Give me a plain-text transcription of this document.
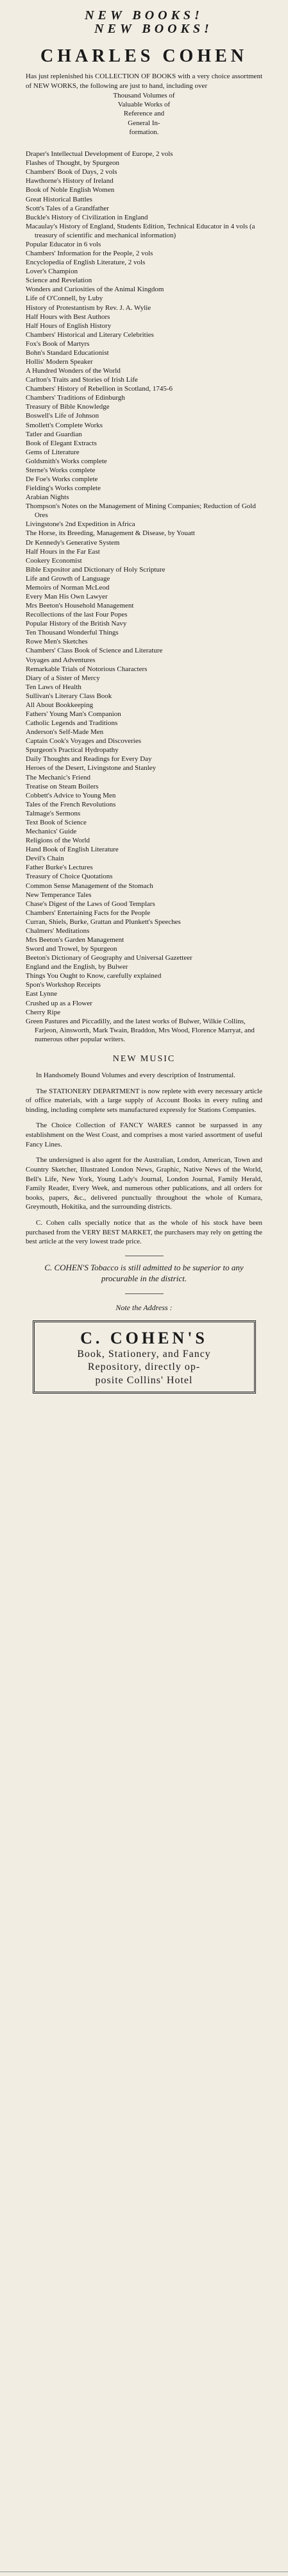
NEW BOOKS!
NEW BOOKS!
CHARLES COHEN

Has just replenished his COLLECTION OF BOOKS with a very choice assortment of NEW WORKS, the following are just to hand, including over

Thousand Volumes of

Valuable Works of

Reference and

General In-

formation.

Draper's Intellectual Development of Europe, 2 vols

Flashes of Thought, by Spurgeon

Chambers' Book of Days, 2 vols

Hawthorne's History of Ireland

Book of Noble English Women

Great Historical Battles

Scott's Tales of a Grandfather

Buckle's History of Civilization in England

Macaulay's History of England, Students Edition, Technical Educator in 4 vols (a treasury of scientific and mechanical information)

Popular Educator in 6 vols

Chambers' Information for the People, 2 vols

Encyclopedia of English Literature, 2 vols

Lover's Champion

Science and Revelation

Wonders and Curiosities of the Animal Kingdom

Life of O'Connell, by Luby

History of Protestantism by Rev. J. A. Wylie

Half Hours with Best Authors

Half Hours of English History

Chambers' Historical and Literary Celebrities

Fox's Book of Martyrs

Bohn's Standard Educationist

Hollis' Modern Speaker

A Hundred Wonders of the World

Carlton's Traits and Stories of Irish Life

Chambers' History of Rebellion in Scotland, 1745-6

Chambers' Traditions of Edinburgh

Treasury of Bible Knowledge

Boswell's Life of Johnson

Smollett's Complete Works

Tatler and Guardian

Book of Elegant Extracts

Gems of Literature

Goldsmith's Works complete

Sterne's Works complete

De Foe's Works complete

Fielding's Works complete

Arabian Nights

Thompson's Notes on the Management of Mining Companies; Reduction of Gold Ores

Livingstone's 2nd Expedition in Africa

The Horse, its Breeding, Management & Disease, by Youatt

Dr Kennedy's Generative System

Half Hours in the Far East

Cookery Economist

Bible Expositor and Dictionary of Holy Scripture

Life and Growth of Language

Memoirs of Norman McLeod

Every Man His Own Lawyer

Mrs Beeton's Household Management

Recollections of the last Four Popes

Popular History of the British Navy

Ten Thousand Wonderful Things

Rowe Men's Sketches

Chambers' Class Book of Science and Literature

Voyages and Adventures

Remarkable Trials of Notorious Characters

Diary of a Sister of Mercy

Ten Laws of Health

Sullivan's Literary Class Book

All About Bookkeeping

Fathers' Young Man's Companion

Catholic Legends and Traditions

Anderson's Self-Made Men

Captain Cook's Voyages and Discoveries

Spurgeon's Practical Hydropathy

Daily Thoughts and Readings for Every Day

Heroes of the Desert, Livingstone and Stanley

The Mechanic's Friend

Treatise on Steam Boilers

Cobbett's Advice to Young Men

Tales of the French Revolutions

Talmage's Sermons

Text Book of Science

Mechanics' Guide

Religions of the World

Hand Book of English Literature

Devil's Chain

Father Burke's Lectures

Treasury of Choice Quotations

Common Sense Management of the Stomach

New Temperance Tales

Chase's Digest of the Laws of Good Templars

Chambers' Entertaining Facts for the People

Curran, Shiels, Burke, Grattan and Plunkett's Speeches

Chalmers' Meditations

Mrs Beeton's Garden Management

Sword and Trowel, by Spurgeon

Beeton's Dictionary of Geography and Universal Gazetteer

England and the English, by Bulwer

Things You Ought to Know, carefully explained

Spon's Workshop Receipts

East Lynne

Crushed up as a Flower

Cherry Ripe

Green Pastures and Piccadilly, and the latest works of Bulwer, Wilkie Collins, Farjeon, Ainsworth, Mark Twain, Braddon, Mrs Wood, Florence Marryat, and numerous other popular writers.

NEW MUSIC

In Handsomely Bound Volumes and every description of Instrumental.

The STATIONERY DEPARTMENT is now replete with every necessary article of office materials, with a large supply of Account Books in every ruling and binding, including complete sets manufactured expressly for Stations Companies.

The Choice Collection of FANCY WARES cannot be surpassed in any establishment on the West Coast, and comprises a most varied assortment of useful Fancy Lines.

The undersigned is also agent for the Australian, London, American, Town and Country Sketcher, Illustrated London News, Graphic, Native News of the World, Bell's Life, New York, Young Lady's Journal, London Journal, Family Herald, Family Reader, Every Week, and numerous other publications, and all orders for books, papers, &c., delivered punctually throughout the whole of Kumara, Greymouth, Hokitika, and the surrounding districts.

C. Cohen calls specially notice that as the whole of his stock have been purchased from the VERY BEST MARKET, the purchasers may rely on getting the best article at the very lowest trade price.

C. COHEN'S Tobacco is still admitted to be superior to any procurable in the district.

Note the Address :

C. COHEN'S
Book, Stationery, and Fancy
Repository, directly op-
posite Collins' Hotel
